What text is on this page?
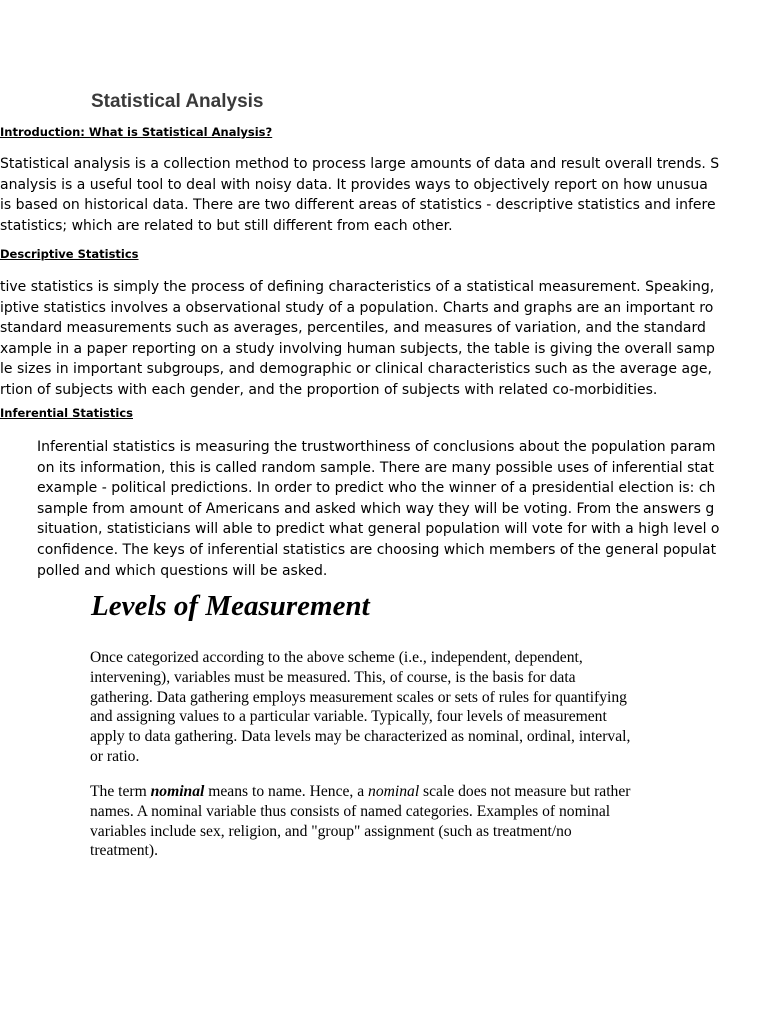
Statistical Analysis
Introduction: What is Statistical Analysis?
Statistical analysis is a collection method to process large amounts of data and result overall trends. S
analysis is a useful tool to deal with noisy data. It provides ways to objectively report on how unusua
is based on historical data. There are two different areas of statistics - descriptive statistics and infere
statistics; which are related to but still different from each other.
Descriptive Statistics
tive statistics is simply the process of defining characteristics of a statistical measurement. Speaking,
iptive statistics involves a observational study of a population. Charts and graphs are an important ro
standard measurements such as averages, percentiles, and measures of variation, and the standard
xample in a paper reporting on a study involving human subjects, the table is giving the overall samp
le sizes in important subgroups, and demographic or clinical characteristics such as the average age,
rtion of subjects with each gender, and the proportion of subjects with related co-morbidities.
Inferential Statistics
Inferential statistics is measuring the trustworthiness of conclusions about the population param
on its information, this is called random sample. There are many possible uses of inferential stat
example - political predictions. In order to predict who the winner of a presidential election is: ch
sample from amount of Americans and asked which way they will be voting. From the answers g
situation, statisticians will able to predict what general population will vote for with a high level o
confidence. The keys of inferential statistics are choosing which members of the general populat
polled and which questions will be asked.
Levels of Measurement
Once categorized according to the above scheme (i.e., independent, dependent,
intervening), variables must be measured. This, of course, is the basis for data
gathering. Data gathering employs measurement scales or sets of rules for quantifying
and assigning values to a particular variable. Typically, four levels of measurement
apply to data gathering. Data levels may be characterized as nominal, ordinal, interval,
or ratio.
The term nominal means to name. Hence, a nominal scale does not measure but rather
names. A nominal variable thus consists of named categories. Examples of nominal
variables include sex, religion, and "group" assignment (such as treatment/no
treatment).
